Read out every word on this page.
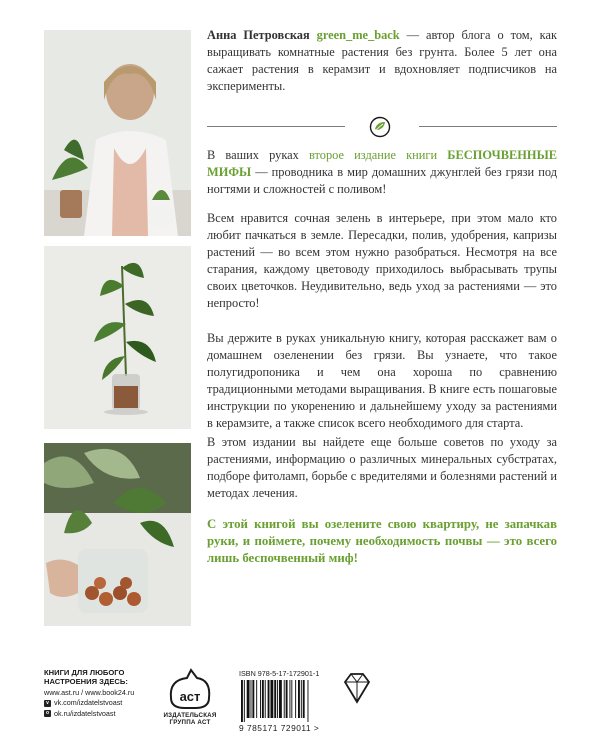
Анна Петровская green_me_back — автор блога о том, как выращивать комнатные растения без грунта. Более 5 лет она сажает растения в керамзит и вдохновляет подписчиков на эксперименты.
В ваших руках второе издание книги БЕСПОЧВЕННЫЕ МИФЫ — проводника в мир домашних джунглей без грязи под ногтями и сложностей с поливом!
Всем нравится сочная зелень в интерьере, при этом мало кто любит пачкаться в земле. Пересадки, полив, удобрения, капризы растений — во всем этом нужно разобраться. Несмотря на все старания, каждому цветоводу приходилось выбрасывать трупы своих цветочков. Неудивительно, ведь уход за растениями — это непросто!
Вы держите в руках уникальную книгу, которая расскажет вам о домашнем озеленении без грязи. Вы узнаете, что такое полугидропоника и чем она хороша по сравнению традиционными методами выращивания. В книге есть пошаговые инструкции по укоренению и дальнейшему уходу за растениями в керамзите, а также список всего необходимого для старта.
В этом издании вы найдете еще больше советов по уходу за растениями, информацию о различных минеральных субстратах, подборе фитоламп, борьбе с вредителями и болезнями растений и методах лечения.
С этой книгой вы озелените свою квартиру, не запачкав руки, и поймете, почему необходимость почвы — это всего лишь беспочвенный миф!
КНИГИ ДЛЯ ЛЮБОГО НАСТРОЕНИЯ ЗДЕСЬ:
www.ast.ru / www.book24.ru
v vk.com/izdatelstvoast
o ok.ru/izdatelstvoast
аст
ИЗДАТЕЛЬСКАЯ ГРУППА АСТ
ISBN 978-5-17-172901-1
9 785171 729011 >
